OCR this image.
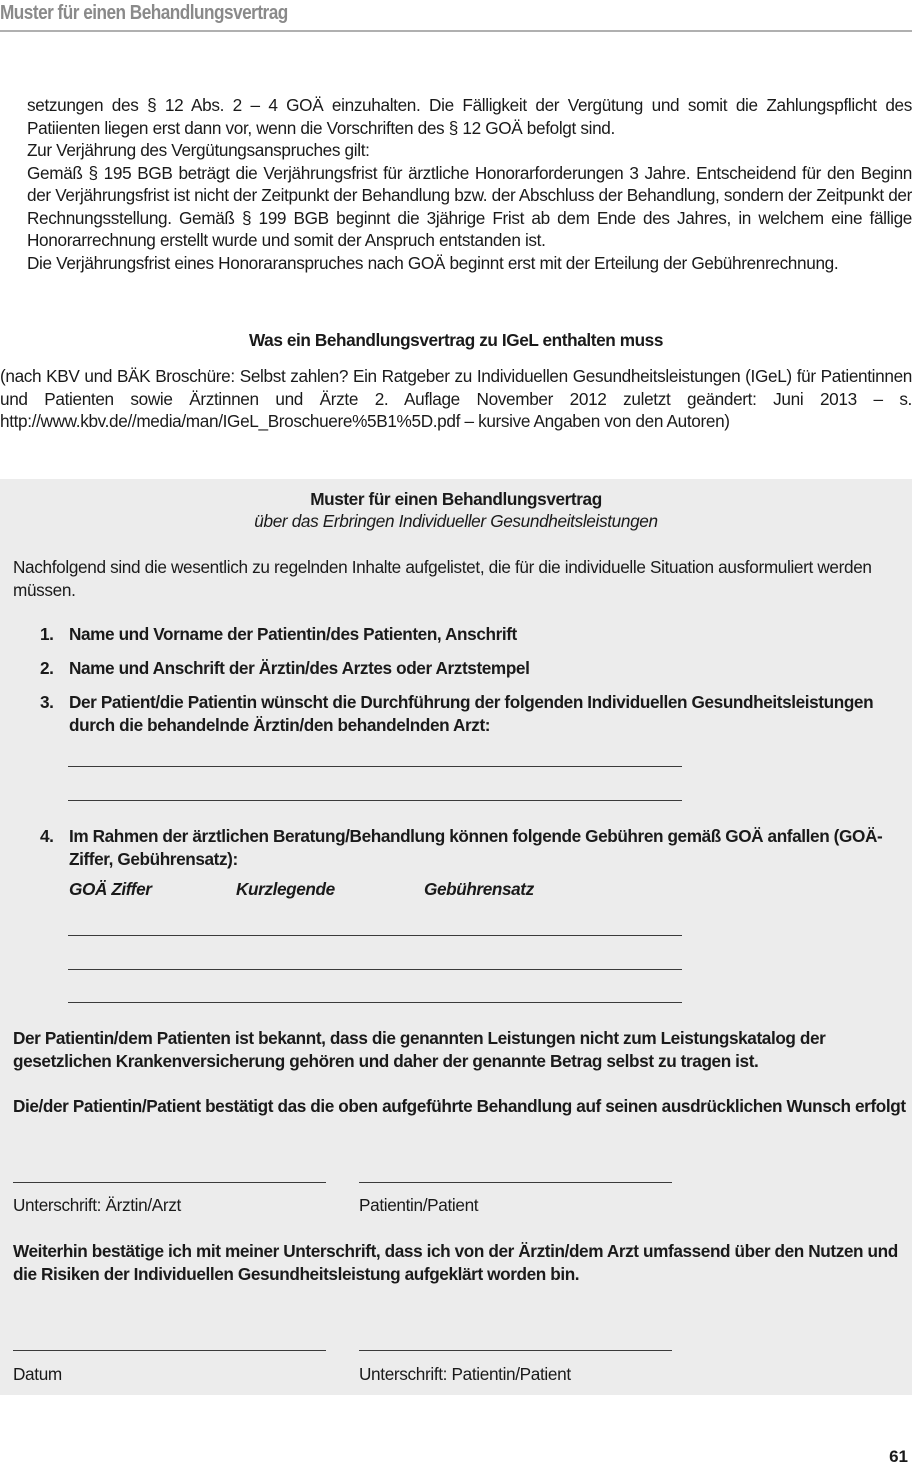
Muster für einen Behandlungsvertrag

setzungen des § 12 Abs. 2 – 4 GOÄ einzuhalten. Die Fälligkeit der Vergütung und somit die Zahlungspflicht des Patiienten liegen erst dann vor, wenn die Vorschriften des § 12 GOÄ befolgt sind.

Zur Verjährung des Vergütungsanspruches gilt:

Gemäß § 195 BGB beträgt die Verjährungsfrist für ärztliche Honorarforderungen 3 Jahre. Entscheidend für den Beginn der Verjährungsfrist ist nicht der Zeitpunkt der Behandlung bzw. der Abschluss der Behandlung, sondern der Zeitpunkt der Rechnungsstellung. Gemäß § 199 BGB beginnt die 3jährige Frist ab dem Ende des Jahres, in welchem eine fällige Honorarrechnung erstellt wurde und somit der Anspruch entstanden ist.

Die Verjährungsfrist eines Honoraranspruches nach GOÄ beginnt erst mit der Erteilung der Gebührenrechnung.

Was ein Behandlungsvertrag zu IGeL enthalten muss
(nach KBV und BÄK Broschüre: Selbst zahlen? Ein Ratgeber zu Individuellen Gesundheitsleistungen (IGeL) für Patientinnen und Patienten sowie Ärztinnen und Ärzte 2. Auflage November 2012 zuletzt geändert: Juni 2013 – s. http://www.kbv.de//media/man/IGeL_Broschuere%5B1%5D.pdf – kursive Angaben von den Autoren)
Muster für einen Behandlungsvertrag
über das Erbringen Individueller Gesundheitsleistungen
Nachfolgend sind die wesentlich zu regelnden Inhalte aufgelistet, die für die individuelle Situation ausformuliert werden müssen.
1. Name und Vorname der Patientin/des Patienten, Anschrift
2. Name und Anschrift der Ärztin/des Arztes oder Arztstempel
3. Der Patient/die Patientin wünscht die Durchführung der folgenden Individuellen Gesundheitsleistungen durch die behandelnde Ärztin/den behandelnden Arzt:
4. Im Rahmen der ärztlichen Beratung/Behandlung können folgende Gebühren gemäß GOÄ anfallen (GOÄ-Ziffer, Gebührensatz):
GOÄ Ziffer	Kurzlegende	Gebührensatz
Der Patientin/dem Patienten ist bekannt, dass die genannten Leistungen nicht zum Leistungskatalog der gesetzlichen Krankenversicherung gehören und daher der genannte Betrag selbst zu tragen ist.
Die/der Patientin/Patient bestätigt das die oben aufgeführte Behandlung auf seinen ausdrücklichen Wunsch erfolgt
Unterschrift: Ärztin/Arzt	Patientin/Patient
Weiterhin bestätige ich mit meiner Unterschrift, dass ich von der Ärztin/dem Arzt umfassend über den Nutzen und die Risiken der Individuellen Gesundheitsleistung aufgeklärt worden bin.
Datum	Unterschrift: Patientin/Patient
61
